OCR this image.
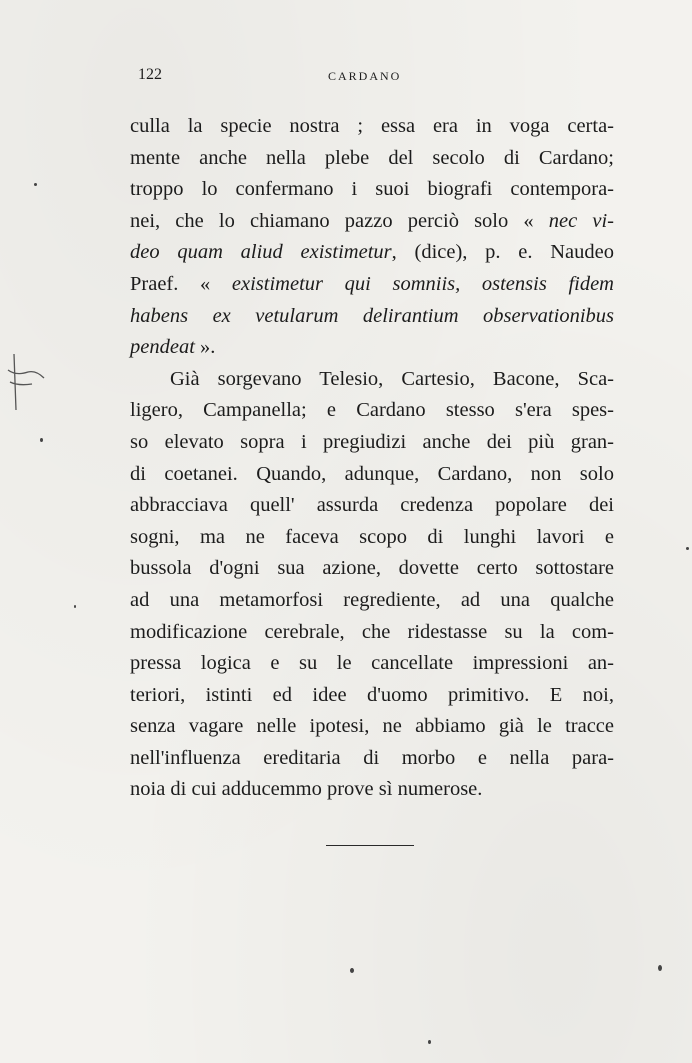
122	CARDANO
culla la specie nostra ; essa era in voga certa-
mente anche nella plebe del secolo di Cardano;
troppo lo confermano i suoi biografi contempora-
nei, che lo chiamano pazzo perciò solo « nec vi-
deo quam aliud existimetur, (dice), p. e. Naudeo
Praef. « existimetur qui somniis, ostensis fidem
habens ex vetularum delirantium observationibus
pendeat ».
Già sorgevano Telesio, Cartesio, Bacone, Sca-
ligero, Campanella; e Cardano stesso s'era spes-
so elevato sopra i pregiudizi anche dei più gran-
di coetanei. Quando, adunque, Cardano, non solo
abbracciava quell' assurda credenza popolare dei
sogni, ma ne faceva scopo di lunghi lavori e
bussola d'ogni sua azione, dovette certo sottostare
ad una metamorfosi regrediente, ad una qualche
modificazione cerebrale, che ridestasse su la com-
pressa logica e su le cancellate impressioni an-
teriori, istinti ed idee d'uomo primitivo. E noi,
senza vagare nelle ipotesi, ne abbiamo già le tracce
nell'influenza ereditaria di morbo e nella para-
noia di cui adducemmo prove sì numerose.
